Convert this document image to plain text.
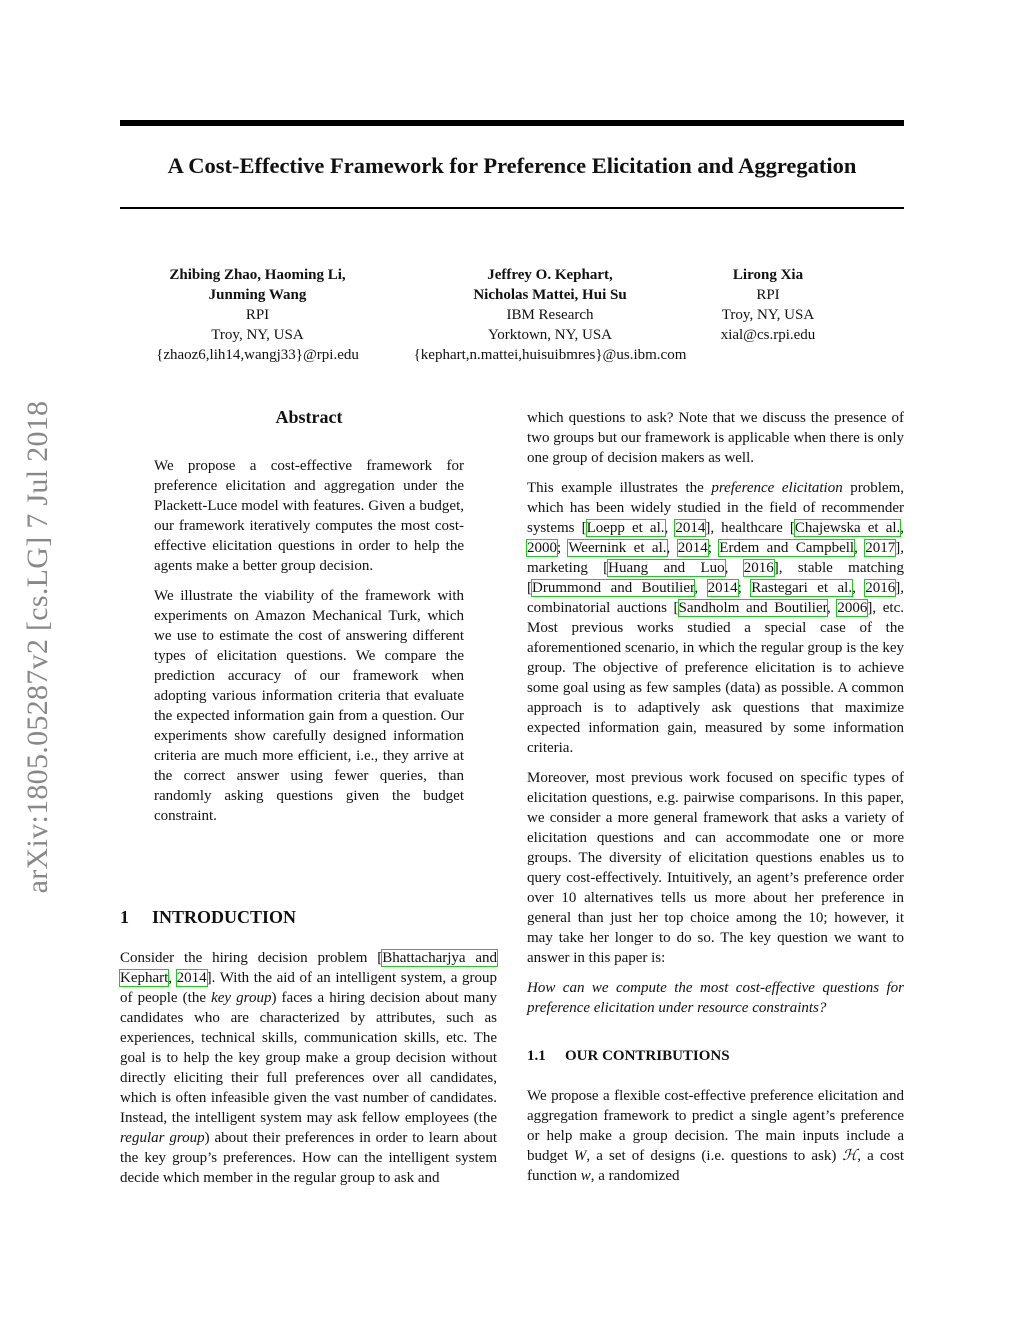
arXiv:1805.05287v2 [cs.LG] 7 Jul 2018
A Cost-Effective Framework for Preference Elicitation and Aggregation
Zhibing Zhao, Haoming Li,
Junming Wang
RPI
Troy, NY, USA
{zhaoz6,lih14,wangj33}@rpi.edu
Jeffrey O. Kephart,
Nicholas Mattei, Hui Su
IBM Research
Yorktown, NY, USA
{kephart,n.mattei,huisuibmres}@us.ibm.com
Lirong Xia
RPI
Troy, NY, USA
xial@cs.rpi.edu
Abstract

We propose a cost-effective framework for preference elicitation and aggregation under the Plackett-Luce model with features. Given a budget, our framework iteratively computes the most cost-effective elicitation questions in order to help the agents make a better group decision.

We illustrate the viability of the framework with experiments on Amazon Mechanical Turk, which we use to estimate the cost of answering different types of elicitation questions. We compare the prediction accuracy of our framework when adopting various information criteria that evaluate the expected information gain from a question. Our experiments show carefully designed information criteria are much more efficient, i.e., they arrive at the correct answer using fewer queries, than randomly asking questions given the budget constraint.

1 INTRODUCTION

Consider the hiring decision problem [Bhattacharjya and Kephart, 2014]. With the aid of an intelligent system, a group of people (the key group) faces a hiring decision about many candidates who are characterized by attributes, such as experiences, technical skills, communication skills, etc. The goal is to help the key group make a group decision without directly eliciting their full preferences over all candidates, which is often infeasible given the vast number of candidates. Instead, the intelligent system may ask fellow employees (the regular group) about their preferences in order to learn about the key group’s preferences. How can the intelligent system decide which member in the regular group to ask and

which questions to ask? Note that we discuss the presence of two groups but our framework is applicable when there is only one group of decision makers as well.

This example illustrates the preference elicitation problem, which has been widely studied in the field of recommender systems [Loepp et al., 2014], healthcare [Chajewska et al., 2000; Weernink et al., 2014; Erdem and Campbell, 2017], marketing [Huang and Luo, 2016], stable matching [Drummond and Boutilier, 2014; Rastegari et al., 2016], combinatorial auctions [Sandholm and Boutilier, 2006], etc. Most previous works studied a special case of the aforementioned scenario, in which the regular group is the key group. The objective of preference elicitation is to achieve some goal using as few samples (data) as possible. A common approach is to adaptively ask questions that maximize expected information gain, measured by some information criteria.

Moreover, most previous work focused on specific types of elicitation questions, e.g. pairwise comparisons. In this paper, we consider a more general framework that asks a variety of elicitation questions and can accommodate one or more groups. The diversity of elicitation questions enables us to query cost-effectively. Intuitively, an agent’s preference order over 10 alternatives tells us more about her preference in general than just her top choice among the 10; however, it may take her longer to do so. The key question we want to answer in this paper is:

How can we compute the most cost-effective questions for preference elicitation under resource constraints?

1.1 OUR CONTRIBUTIONS

We propose a flexible cost-effective preference elicitation and aggregation framework to predict a single agent’s preference or help make a group decision. The main inputs include a budget W, a set of designs (i.e. questions to ask) ℋ, a cost function w, a randomized
